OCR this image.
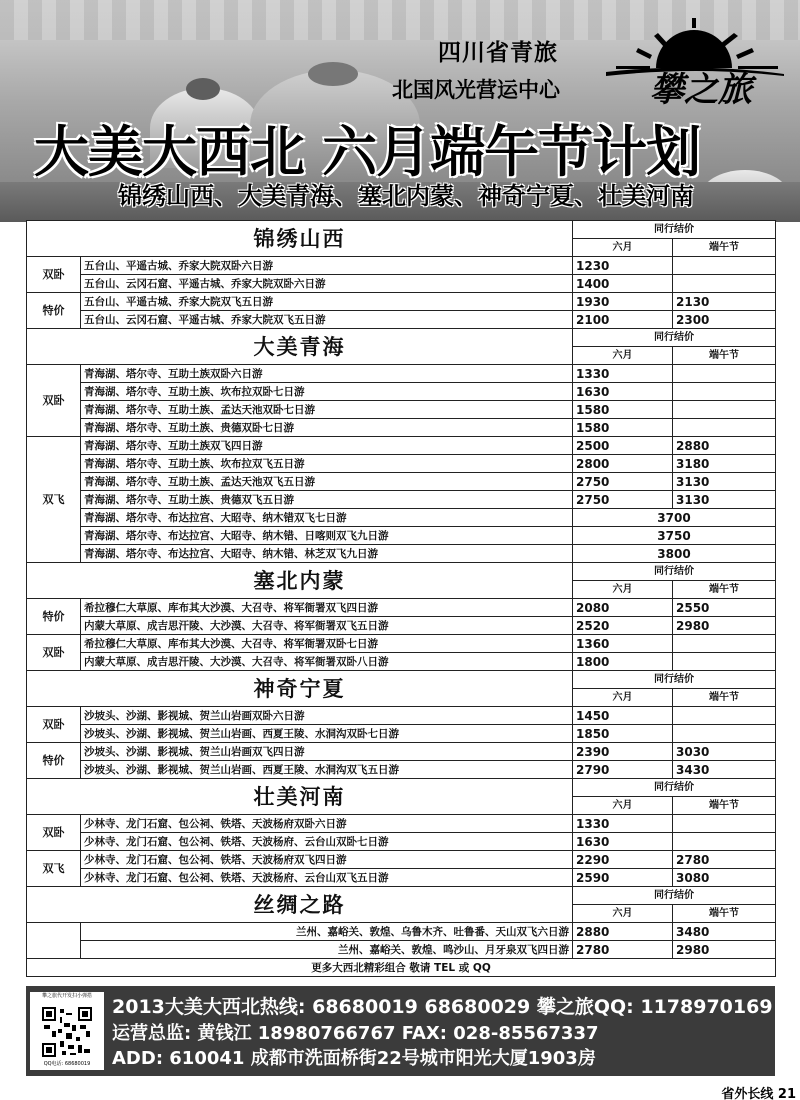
四川省青旅
北国风光营运中心	攀之旅
大美大西北 六月端午节计划
锦绣山西、大美青海、塞北内蒙、神奇宁夏、壮美河南
锦绣山西		同行结价	
		六月	端午节
双卧	五台山、平遥古城、乔家大院双卧六日游	1230	
	五台山、云冈石窟、平遥古城、乔家大院双卧六日游	1400	
特价	五台山、平遥古城、乔家大院双飞五日游	1930	2130
	五台山、云冈石窟、平遥古城、乔家大院双飞五日游	2100	2300
大美青海		同行结价	
		六月	端午节
双卧	青海湖、塔尔寺、互助土族双卧六日游	1330	
	青海湖、塔尔寺、互助土族、坎布拉双卧七日游	1630	
	青海湖、塔尔寺、互助土族、孟达天池双卧七日游	1580	
	青海湖、塔尔寺、互助土族、贵德双卧七日游	1580	
双飞	青海湖、塔尔寺、互助土族双飞四日游	2500	2880
	青海湖、塔尔寺、互助土族、坎布拉双飞五日游	2800	3180
	青海湖、塔尔寺、互助土族、孟达天池双飞五日游	2750	3130
	青海湖、塔尔寺、互助土族、贵德双飞五日游	2750	3130
	青海湖、塔尔寺、布达拉宫、大昭寺、纳木错双飞七日游	3700	
	青海湖、塔尔寺、布达拉宫、大昭寺、纳木错、日喀则双飞九日游	3750	
	青海湖、塔尔寺、布达拉宫、大昭寺、纳木错、林芝双飞九日游	3800	
塞北内蒙		同行结价	
		六月	端午节
特价	希拉穆仁大草原、库布其大沙漠、大召寺、将军衙署双飞四日游	2080	2550
	内蒙大草原、成吉思汗陵、大沙漠、大召寺、将军衙署双飞五日游	2520	2980
双卧	希拉穆仁大草原、库布其大沙漠、大召寺、将军衙署双卧七日游	1360	
	内蒙大草原、成吉思汗陵、大沙漠、大召寺、将军衙署双卧八日游	1800	
神奇宁夏		同行结价	
		六月	端午节
双卧	沙坡头、沙湖、影视城、贺兰山岩画双卧六日游	1450	
	沙坡头、沙湖、影视城、贺兰山岩画、西夏王陵、水洞沟双卧七日游	1850	
特价	沙坡头、沙湖、影视城、贺兰山岩画双飞四日游	2390	3030
	沙坡头、沙湖、影视城、贺兰山岩画、西夏王陵、水洞沟双飞五日游	2790	3430
壮美河南		同行结价	
		六月	端午节
双卧	少林寺、龙门石窟、包公祠、铁塔、天波杨府双卧六日游	1330	
	少林寺、龙门石窟、包公祠、铁塔、天波杨府、云台山双卧七日游	1630	
双飞	少林寺、龙门石窟、包公祠、铁塔、天波杨府双飞四日游	2290	2780
	少林寺、龙门石窟、包公祠、铁塔、天波杨府、云台山双飞五日游	2590	3080
丝绸之路		同行结价	
		六月	端午节
	兰州、嘉峪关、敦煌、乌鲁木齐、吐鲁番、天山双飞六日游	2880	3480
	兰州、嘉峪关、敦煌、鸣沙山、月牙泉双飞四日游	2780	2980
更多大西北精彩组合 敬请 TEL 或 QQ			
攀之旅代开发扫小弹搭
QQ电话: 68680019
2013大美大西北热线: 68680019 68680029 攀之旅QQ: 1178970169
运营总监: 黄钱江 18980766767 FAX: 028-85567337
ADD: 610041 成都市洗面桥街22号城市阳光大厦1903房
省外长线 21
